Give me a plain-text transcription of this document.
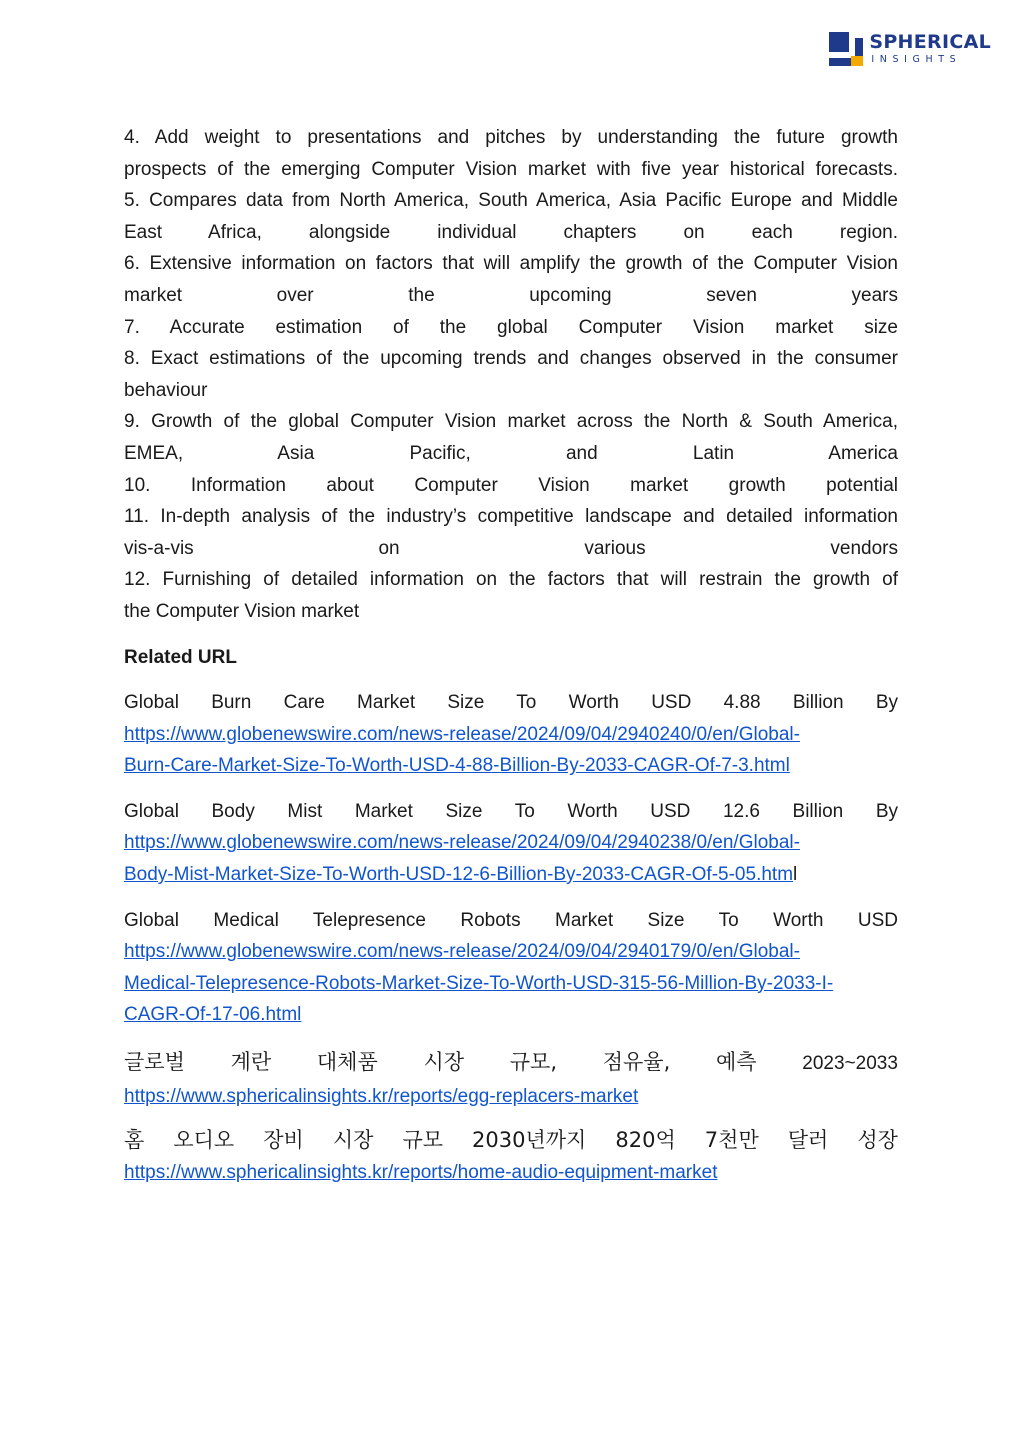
SPHERICAL
INSIGHTS
4. Add weight to presentations and pitches by understanding the future growth
prospects of the emerging Computer Vision market with five year historical forecasts.
5. Compares data from North America, South America, Asia Pacific Europe and Middle
East Africa, alongside individual chapters on each region.
6. Extensive information on factors that will amplify the growth of the Computer Vision
market over the upcoming seven years
7. Accurate estimation of the global Computer Vision market size
8. Exact estimations of the upcoming trends and changes observed in the consumer
behaviour
9. Growth of the global Computer Vision market across the North & South America,
EMEA, Asia Pacific, and Latin America
10. Information about Computer Vision market growth potential
11. In-depth analysis of the industry’s competitive landscape and detailed information
vis-a-vis on various vendors
12. Furnishing of detailed information on the factors that will restrain the growth of
the Computer Vision market
Related URL
Global Burn Care Market Size To Worth USD 4.88 Billion By
https://www.globenewswire.com/news-release/2024/09/04/2940240/0/en/Global-
Burn-Care-Market-Size-To-Worth-USD-4-88-Billion-By-2033-CAGR-Of-7-3.html
Global Body Mist Market Size To Worth USD 12.6 Billion By
https://www.globenewswire.com/news-release/2024/09/04/2940238/0/en/Global-
Body-Mist-Market-Size-To-Worth-USD-12-6-Billion-By-2033-CAGR-Of-5-05.html
Global Medical Telepresence Robots Market Size To Worth USD
https://www.globenewswire.com/news-release/2024/09/04/2940179/0/en/Global-
Medical-Telepresence-Robots-Market-Size-To-Worth-USD-315-56-Million-By-2033-I-
CAGR-Of-17-06.html
글로벌 계란 대체품 시장 규모, 점유율, 예측 2023~2033
https://www.sphericalinsights.kr/reports/egg-replacers-market
홈 오디오 장비 시장 규모 2030년까지 820억 7천만 달러 성장
https://www.sphericalinsights.kr/reports/home-audio-equipment-market
